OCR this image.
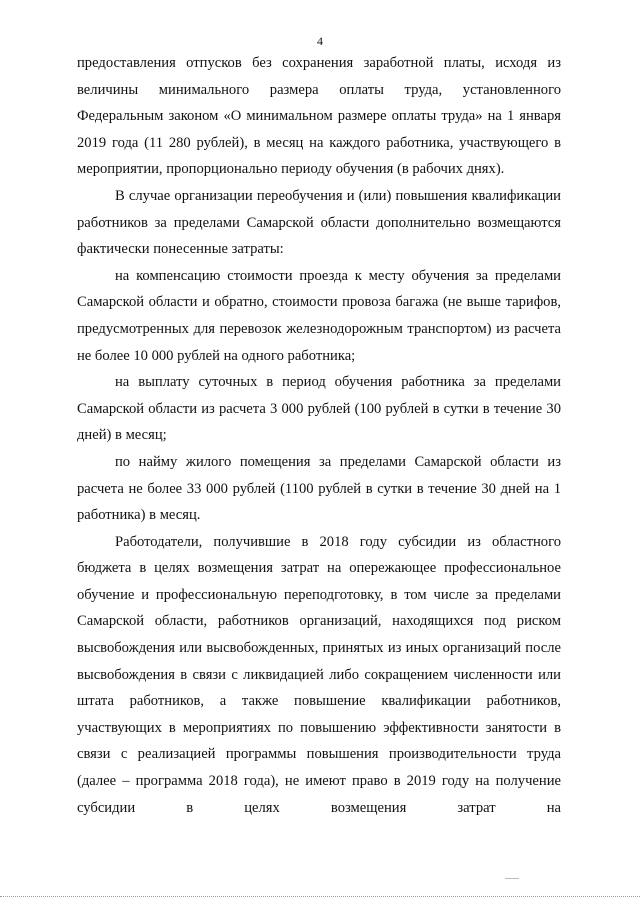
4

предоставления отпусков без сохранения заработной платы, исходя из величины минимального размера оплаты труда, установленного Федеральным законом «О минимальном размере оплаты труда» на 1 января 2019 года (11 280 рублей), в месяц на каждого работника, участвующего в мероприятии, пропорционально периоду обучения (в рабочих днях).

В случае организации переобучения и (или) повышения квалификации работников за пределами Самарской области дополнительно возмещаются фактически понесенные затраты:

на компенсацию стоимости проезда к месту обучения за пределами Самарской области и обратно, стоимости провоза багажа (не выше тарифов, предусмотренных для перевозок железнодорожным транспортом) из расчета не более 10 000 рублей на одного работника;

на выплату суточных в период обучения работника за пределами Самарской области из расчета 3 000 рублей (100 рублей в сутки в течение 30 дней) в месяц;

по найму жилого помещения за пределами Самарской области из расчета не более 33 000 рублей (1100 рублей в сутки в течение 30 дней на 1 работника) в месяц.

Работодатели, получившие в 2018 году субсидии из областного бюджета в целях возмещения затрат на опережающее профессиональное обучение и профессиональную переподготовку, в том числе за пределами Самарской области, работников организаций, находящихся под риском высвобождения или высвобожденных, принятых из иных организаций после высвобождения в связи с ликвидацией либо сокращением численности или штата работников, а также повышение квалификации работников, участвующих в мероприятиях по повышению эффективности занятости в связи с реализацией программы повышения производительности труда (далее – программа 2018 года), не имеют право в 2019 году на получение субсидии в целях возмещения затрат на
